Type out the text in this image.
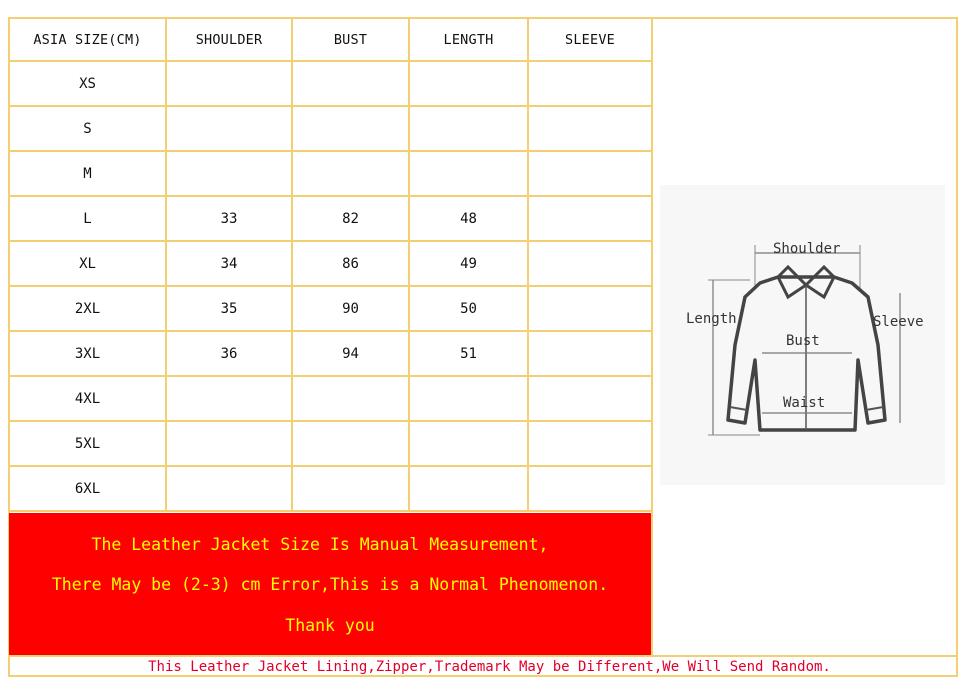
ASIA SIZE(CM)	SHOULDER	BUST	LENGTH	SLEEVE
XS				
S				
M				
L	33	82	48	
XL	34	86	49	
2XL	35	90	50	
3XL	36	94	51	
4XL				
5XL				
6XL				
Shoulder
Length	Sleeve
Bust
Waist
The Leather Jacket Size Is Manual Measurement,
There May be (2-3) cm Error,This is a Normal Phenomenon.
Thank you
This Leather Jacket Lining,Zipper,Trademark May be Different,We Will Send Random.
